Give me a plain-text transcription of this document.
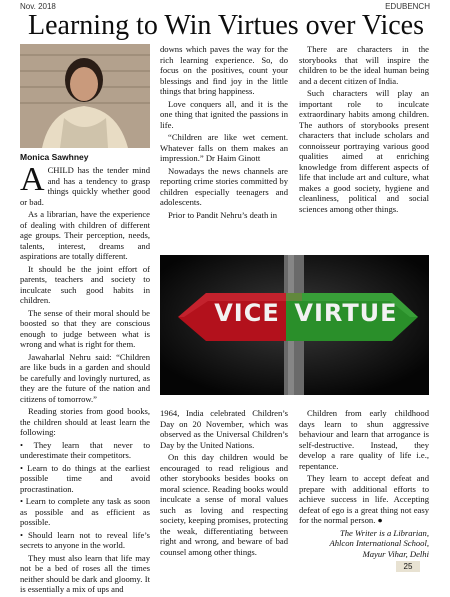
Nov. 2018	EDUBENCH
Learning to Win Virtues over Vices
Monica Sawhney

ACHILD has the tender mind and has a tendency to grasp things quickly whether good or bad.

As a librarian, have the experience of dealing with children of different age groups. Their perception, needs, talents, interest, dreams and aspirations are totally different.

It should be the joint effort of parents, teachers and society to inculcate such good habits in children.

The sense of their moral should be boosted so that they are conscious enough to judge between what is wrong and what is right for them.

Jawaharlal Nehru said: “Children are like buds in a garden and should be carefully and lovingly nurtured, as they are the future of the nation and citizens of tomorrow.”

Reading stories from good books, the children should at least learn the following:

• They learn that never to underestimate their competitors.

• Learn to do things at the earliest possible time and avoid procrastination.

• Learn to complete any task as soon as possible and as efficient as possible.

• Should learn not to reveal life’s secrets to anyone in the world.

They must also learn that life may not be a bed of roses all the times neither should be dark and gloomy. It is essentially a mix of ups and

downs which paves the way for the rich learning experience. So, do focus on the positives, count your blessings and find joy in the little things that bring happiness.

Love conquers all, and it is the one thing that ignited the passions in life.

“Children are like wet cement. Whatever falls on them makes an impression.” Dr Haim Ginott

Nowadays the news channels are reporting crime stories committed by children especially teenagers and adolescents.

Prior to Pandit Nehru’s death in

There are characters in the storybooks that will inspire the children to be the ideal human being and a decent citizen of India.

Such characters will play an important role to inculcate extraordinary habits among children. The authors of storybooks present characters that include scholars and connoisseur portraying various good qualities aimed at enriching knowledge from different aspects of life that include art and culture, what makes a good society, hygiene and cleanliness, political and social sciences among other things.

VICE VIRTUE

1964, India celebrated Children’s Day on 20 November, which was observed as the Universal Children’s Day by the United Nations.

On this day children would be encouraged to read religious and other storybooks besides books on moral science. Reading books would inculcate a sense of moral values such as loving and respecting society, keeping promises, protecting the weak, differentiating between right and wrong, and beware of bad counsel among other things.

Children from early childhood days learn to shun aggressive behaviour and learn that arrogance is self-destructive. Instead, they develop a rare quality of life i.e., repentance.

They learn to accept defeat and prepare with additional efforts to achieve success in life. Accepting defeat of ego is a great thing not easy for the normal person. ●

The Writer is a Librarian,
Ahlcon International School,
Mayur Vihar, Delhi
25
